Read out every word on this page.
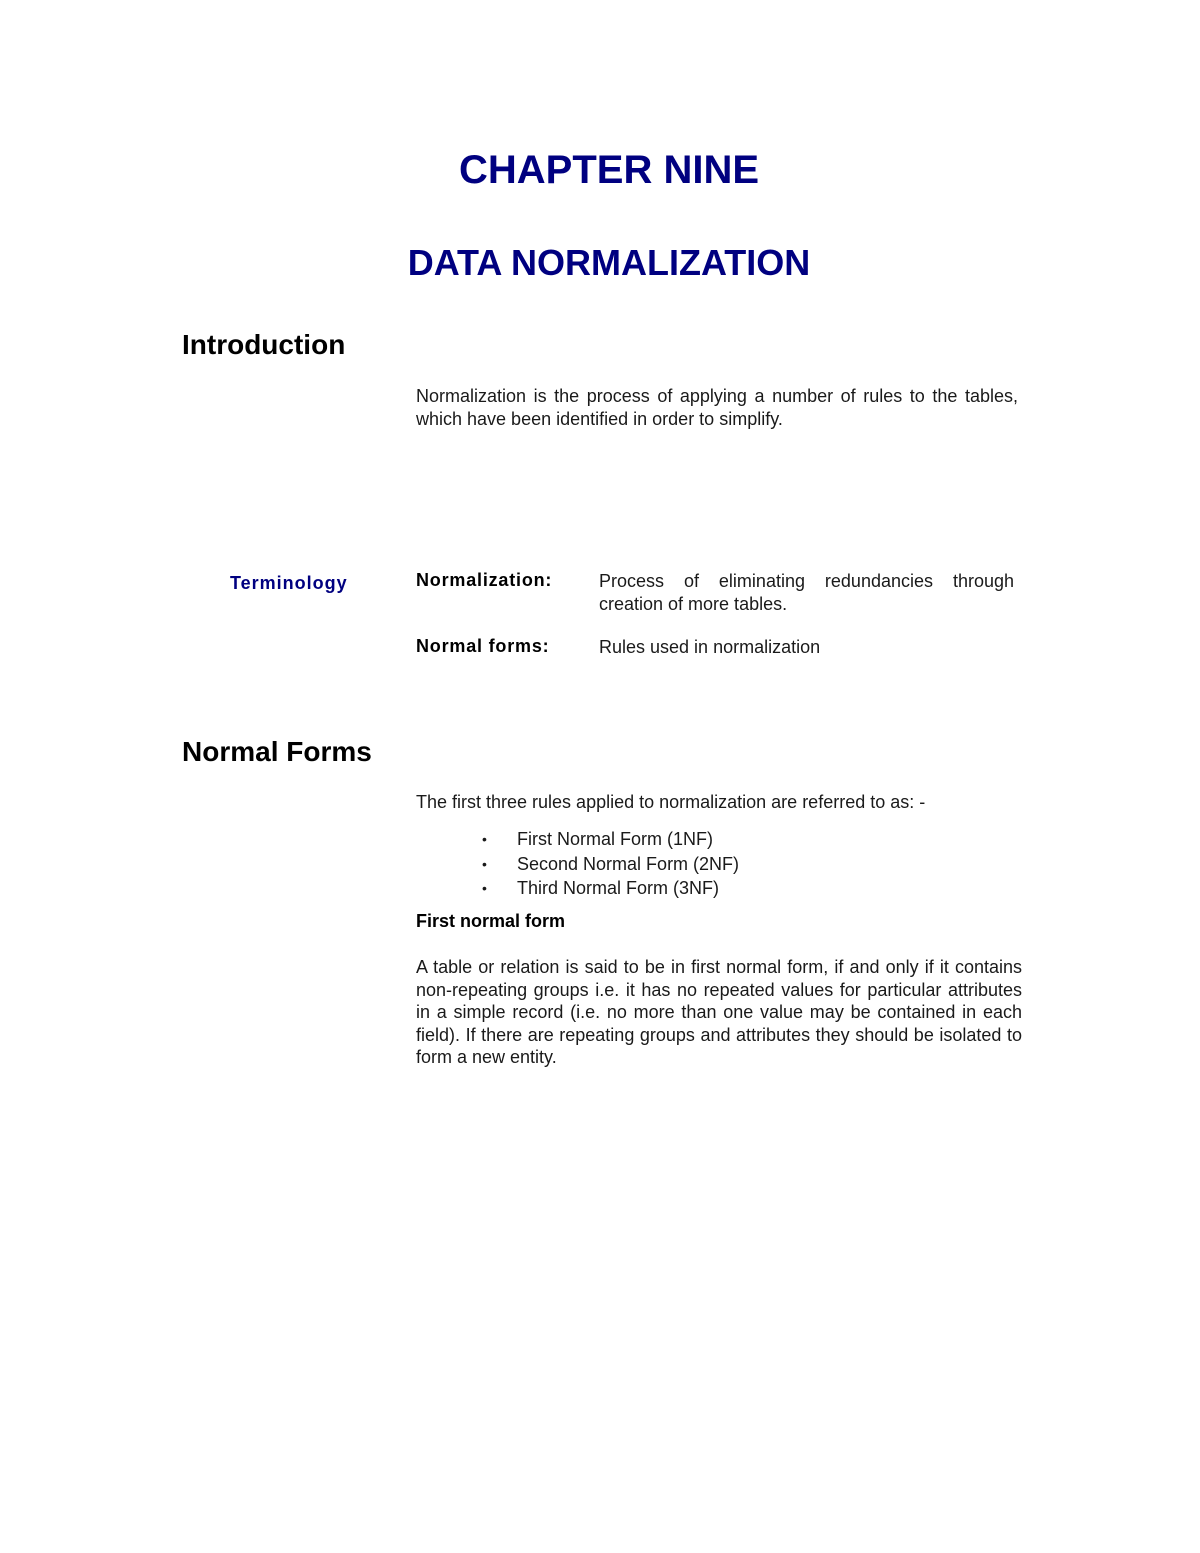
CHAPTER NINE
DATA NORMALIZATION
Introduction

Normalization is the process of applying a number of rules to the tables, which have been identified in order to simplify.

Terminology	Normalization:	Process of eliminating redundancies through creation of more tables.
Normal forms:	Rules used in normalization
Normal Forms

The first three rules applied to normalization are referred to as: -

• First Normal Form (1NF)
• Second Normal Form (2NF)
• Third Normal Form (3NF)
First normal form

A table or relation is said to be in first normal form, if and only if it contains non-repeating groups i.e. it has no repeated values for particular attributes in a simple record (i.e. no more than one value may be contained in each field). If there are repeating groups and attributes they should be isolated to form a new entity.
